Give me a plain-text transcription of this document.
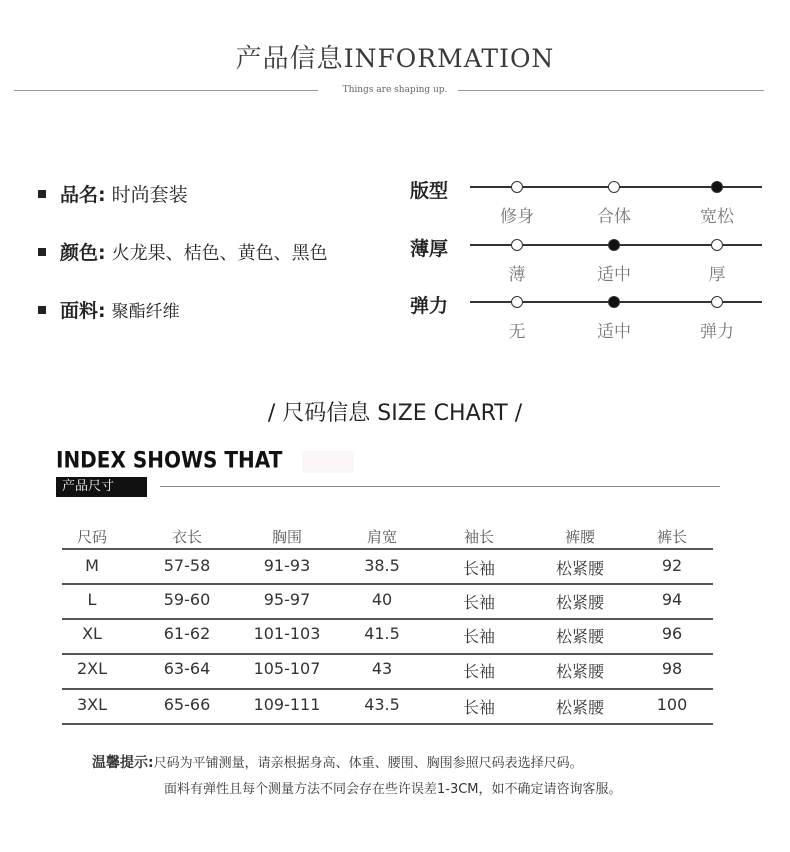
产品信息INFORMATION
Things are shaping up.
品名: 时尚套装
颜色: 火龙果、桔色、黄色、黑色
面料: 聚酯纤维
版型
修身	合体	宽松
薄厚
薄	适中	厚
弹力
无	适中	弹力
/ 尺码信息 SIZE CHART /
INDEX SHOWS THAT
产品尺寸
尺码	衣长	胸围	肩宽	袖长	裤腰	裤长
M	57-58	91-93	38.5	长袖	松紧腰	92
L	59-60	95-97	40	长袖	松紧腰	94
XL	61-62	101-103	41.5	长袖	松紧腰	96
2XL	63-64	105-107	43	长袖	松紧腰	98
3XL	65-66	109-111	43.5	长袖	松紧腰	100
温馨提示:尺码为平铺测量，请亲根据身高、体重、腰围、胸围参照尺码表选择尺码。
面料有弹性且每个测量方法不同会存在些许误差1-3CM，如不确定请咨询客服。
